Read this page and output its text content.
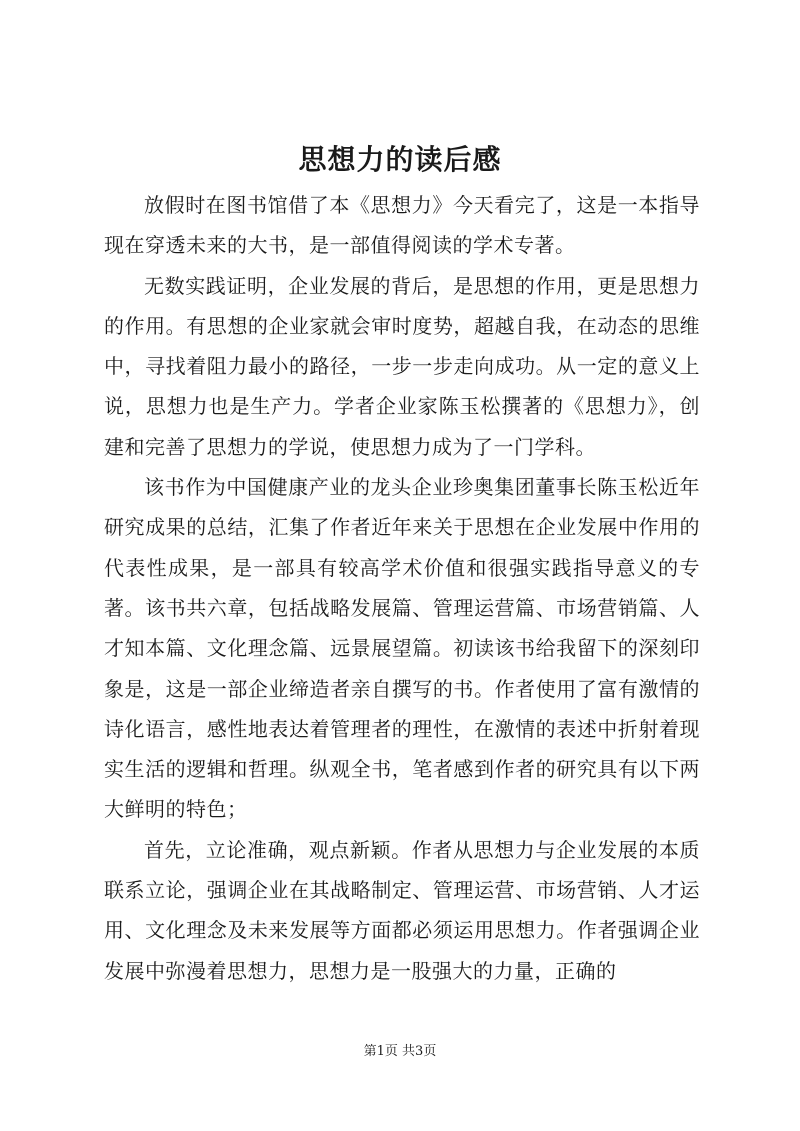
思想力的读后感

放假时在图书馆借了本《思想力》今天看完了，这是一本指导现在穿透未来的大书，是一部值得阅读的学术专著。

无数实践证明，企业发展的背后，是思想的作用，更是思想力的作用。有思想的企业家就会审时度势，超越自我，在动态的思维中，寻找着阻力最小的路径，一步一步走向成功。从一定的意义上说，思想力也是生产力。学者企业家陈玉松撰著的《思想力》，创建和完善了思想力的学说，使思想力成为了一门学科。

该书作为中国健康产业的龙头企业珍奥集团董事长陈玉松近年研究成果的总结，汇集了作者近年来关于思想在企业发展中作用的代表性成果，是一部具有较高学术价值和很强实践指导意义的专著。该书共六章，包括战略发展篇、管理运营篇、市场营销篇、人才知本篇、文化理念篇、远景展望篇。初读该书给我留下的深刻印象是，这是一部企业缔造者亲自撰写的书。作者使用了富有激情的诗化语言，感性地表达着管理者的理性，在激情的表述中折射着现实生活的逻辑和哲理。纵观全书，笔者感到作者的研究具有以下两大鲜明的特色；

首先，立论准确，观点新颖。作者从思想力与企业发展的本质联系立论，强调企业在其战略制定、管理运营、市场营销、人才运用、文化理念及未来发展等方面都必须运用思想力。作者强调企业发展中弥漫着思想力，思想力是一股强大的力量，正确的

第1页 共3页
